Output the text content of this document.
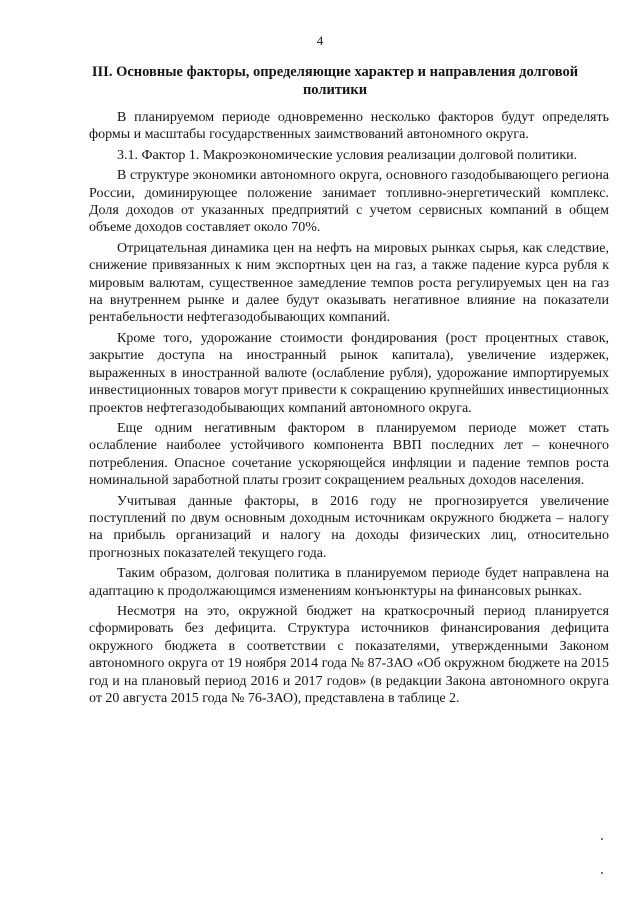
4
III. Основные факторы, определяющие характер и направления долговой политики

В планируемом периоде одновременно несколько факторов будут определять формы и масштабы государственных заимствований автономного округа.

3.1. Фактор 1. Макроэкономические условия реализации долговой политики.

В структуре экономики автономного округа, основного газодобывающего региона России, доминирующее положение занимает топливно-энергетический комплекс. Доля доходов от указанных предприятий с учетом сервисных компаний в общем объеме доходов составляет около 70%.

Отрицательная динамика цен на нефть на мировых рынках сырья, как следствие, снижение привязанных к ним экспортных цен на газ, а также падение курса рубля к мировым валютам, существенное замедление темпов роста регулируемых цен на газ на внутреннем рынке и далее будут оказывать негативное влияние на показатели рентабельности нефтегазодобывающих компаний.

Кроме того, удорожание стоимости фондирования (рост процентных ставок, закрытие доступа на иностранный рынок капитала), увеличение издержек, выраженных в иностранной валюте (ослабление рубля), удорожание импортируемых инвестиционных товаров могут привести к сокращению крупнейших инвестиционных проектов нефтегазодобывающих компаний автономного округа.

Еще одним негативным фактором в планируемом периоде может стать ослабление наиболее устойчивого компонента ВВП последних лет – конечного потребления. Опасное сочетание ускоряющейся инфляции и падение темпов роста номинальной заработной платы грозит сокращением реальных доходов населения.

Учитывая данные факторы, в 2016 году не прогнозируется увеличение поступлений по двум основным доходным источникам окружного бюджета – налогу на прибыль организаций и налогу на доходы физических лиц, относительно прогнозных показателей текущего года.

Таким образом, долговая политика в планируемом периоде будет направлена на адаптацию к продолжающимся изменениям конъюнктуры на финансовых рынках.

Несмотря на это, окружной бюджет на краткосрочный период планируется сформировать без дефицита. Структура источников финансирования дефицита окружного бюджета в соответствии с показателями, утвержденными Законом автономного округа от 19 ноября 2014 года № 87-ЗАО «Об окружном бюджете на 2015 год и на плановый период 2016 и 2017 годов» (в редакции Закона автономного округа от 20 августа 2015 года № 76-ЗАО), представлена в таблице 2.
